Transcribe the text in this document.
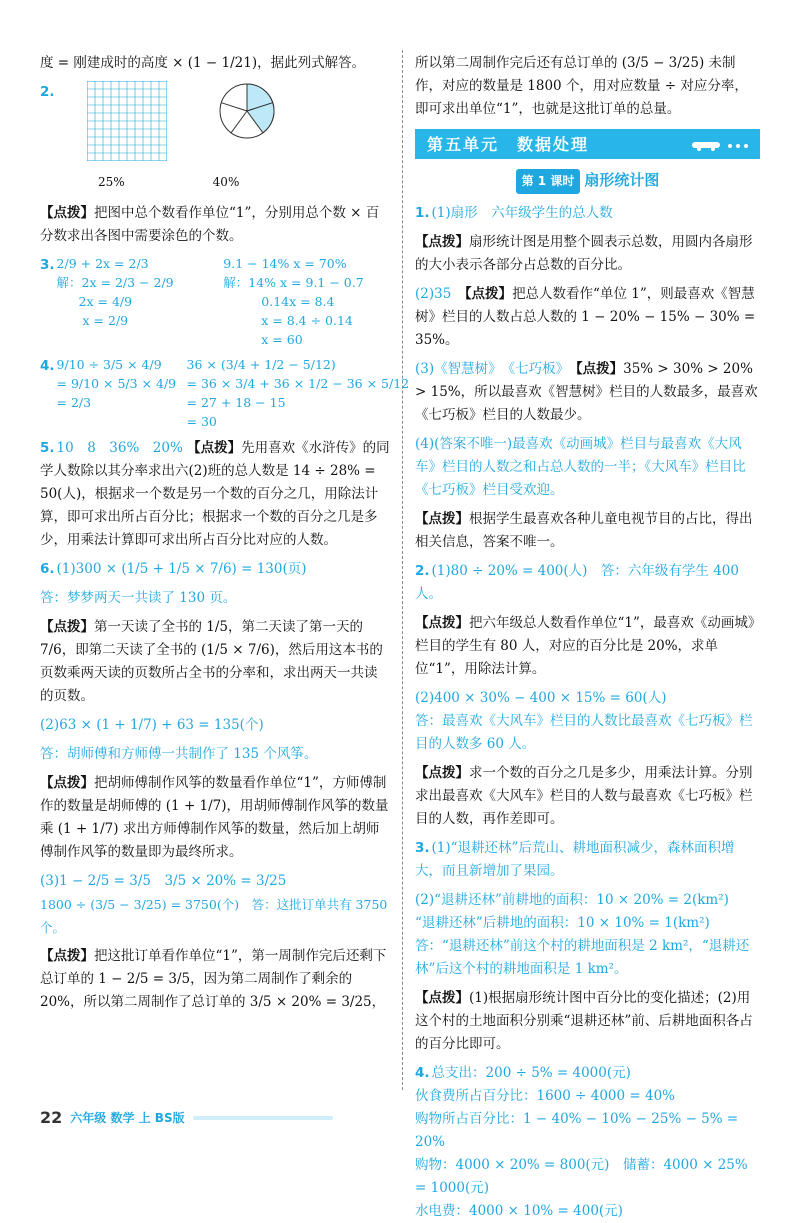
度 = 刚建成时的高度 × (1 − 1/21)，据此列式解答。
2.
25%	40%
【点拨】把图中总个数看作单位“1”，分别用总个数 × 百分数求出各图中需要涂色的个数。
3. 2/9 + 2x = 2/3
解：2x = 2/3 − 2/9
2x = 4/9
x = 2/9
9.1 − 14% x = 70%
解：14% x = 9.1 − 0.7
0.14x = 8.4
x = 8.4 ÷ 0.14
x = 60
4. 9/10 ÷ 3/5 × 4/9
= 9/10 × 5/3 × 4/9
= 2/3
36 × (3/4 + 1/2 − 5/12)
= 36 × 3/4 + 36 × 1/2 − 36 × 5/12
= 27 + 18 − 15
= 30
5. 10　8　36%　20% 【点拨】先用喜欢《水浒传》的同学人数除以其分率求出六(2)班的总人数是 14 ÷ 28% = 50(人)，根据求一个数是另一个数的百分之几，用除法计算，即可求出所占百分比；根据求一个数的百分之几是多少，用乘法计算即可求出所占百分比对应的人数。
6. (1)300 × (1/5 + 1/5 × 7/6) = 130(页)
答：梦梦两天一共读了 130 页。
【点拨】第一天读了全书的 1/5，第二天读了第一天的 7/6，即第二天读了全书的 (1/5 × 7/6)，然后用这本书的页数乘两天读的页数所占全书的分率和，求出两天一共读的页数。
(2)63 × (1 + 1/7) + 63 = 135(个)
答：胡师傅和方师傅一共制作了 135 个风筝。
【点拨】把胡师傅制作风筝的数量看作单位“1”，方师傅制作的数量是胡师傅的 (1 + 1/7)，用胡师傅制作风筝的数量乘 (1 + 1/7) 求出方师傅制作风筝的数量，然后加上胡师傅制作风筝的数量即为最终所求。
(3)1 − 2/5 = 3/5　3/5 × 20% = 3/25
1800 ÷ (3/5 − 3/25) = 3750(个)　答：这批订单共有 3750 个。
【点拨】把这批订单看作单位“1”，第一周制作完后还剩下总订单的 1 − 2/5 = 3/5，因为第二周制作了剩余的 20%，所以第二周制作了总订单的 3/5 × 20% = 3/25，
所以第二周制作完后还有总订单的 (3/5 − 3/25) 未制作，对应的数量是 1800 个，用对应数量 ÷ 对应分率，即可求出单位“1”，也就是这批订单的总量。
第五单元　数据处理
第 1 课时 扇形统计图
1. (1)扇形　六年级学生的总人数
【点拨】扇形统计图是用整个圆表示总数，用圆内各扇形的大小表示各部分占总数的百分比。
(2)35　 【点拨】把总人数看作“单位 1”，则最喜欢《智慧树》栏目的人数占总人数的 1 − 20% − 15% − 30% = 35%。
(3)《智慧树》　《七巧板》　 【点拨】35% > 30% > 20% > 15%，所以最喜欢《智慧树》栏目的人数最多，最喜欢《七巧板》栏目的人数最少。
(4)(答案不唯一)最喜欢《动画城》栏目与最喜欢《大风车》栏目的人数之和占总人数的一半；《大风车》栏目比《七巧板》栏目受欢迎。
【点拨】根据学生最喜欢各种儿童电视节目的占比，得出相关信息，答案不唯一。
2. (1)80 ÷ 20% = 400(人)　答：六年级有学生 400 人。
【点拨】把六年级总人数看作单位“1”，最喜欢《动画城》栏目的学生有 80 人，对应的百分比是 20%，求单位“1”，用除法计算。
(2)400 × 30% − 400 × 15% = 60(人)
答：最喜欢《大风车》栏目的人数比最喜欢《七巧板》栏目的人数多 60 人。
【点拨】求一个数的百分之几是多少，用乘法计算。分别求出最喜欢《大风车》栏目的人数与最喜欢《七巧板》栏目的人数，再作差即可。
3. (1)“退耕还林”后荒山、耕地面积减少，森林面积增大，而且新增加了果园。
(2)“退耕还林”前耕地的面积：10 × 20% = 2(km²)
“退耕还林”后耕地的面积：10 × 10% = 1(km²)
答：“退耕还林”前这个村的耕地面积是 2 km²，“退耕还林”后这个村的耕地面积是 1 km²。
【点拨】(1)根据扇形统计图中百分比的变化描述；(2)用这个村的土地面积分别乘“退耕还林”前、后耕地面积各占的百分比即可。
4. 总支出：200 ÷ 5% = 4000(元)
伙食费所占百分比：1600 ÷ 4000 = 40%
购物所占百分比：1 − 40% − 10% − 25% − 5% = 20%
购物：4000 × 20% = 800(元)　储蓄：4000 × 25% = 1000(元)
水电费：4000 × 10% = 400(元)
22 六年级 数学 上 BS版
